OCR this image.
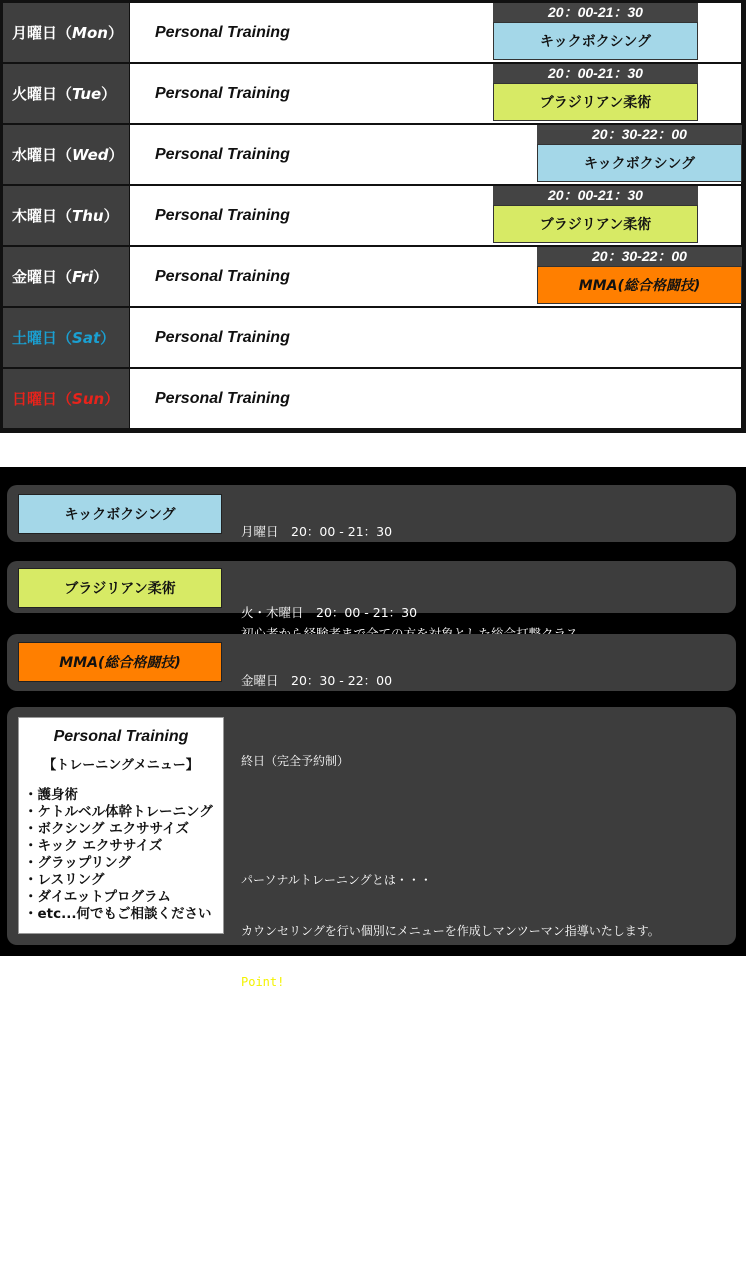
月曜日（ Mon ） Personal Training
20：00-21：30
キックボクシング
火曜日（ Tue ） Personal Training
20：00-21：30
ブラジリアン柔術
水曜日（ Wed ） Personal Training
20：30-22：00
キックボクシング
木曜日（ Thu ） Personal Training
20：00-21：30
ブラジリアン柔術
金曜日（ Fri ）	Personal Training
20：30-22：00
MMA(総合格闘技)
土曜日（ Sat ） Personal Training
日曜日（ Sun ） Personal Training
キックボクシング

月曜日　20：00 - 21：30

ブラジリアン柔術

火・木曜日　20：00 - 21：30

MMA(総合格闘技)

金曜日　20：30 - 22：00

Personal Training
【トレーニングメニュー】
・護身術
・ケトルベル体幹トレーニング
・ボクシング エクササイズ
・キック エクササイズ
・グラップリング
・レスリング
・ダイエットプログラム
・etc...何でもご相談ください

終日（完全予約制）

パーソナルトレーニングとは・・・

カウンセリングを行い個別にメニューを作成しマンツーマン指導いたします。

Point!

■貴方の目的に合わせて

■貴方にあったトレーニング方法で

■身体全体バランスよく

■継続して続ける事で結果を出します

■組み合わせは自由,格闘技のエッセンスを加えればストレス発散にもなります
